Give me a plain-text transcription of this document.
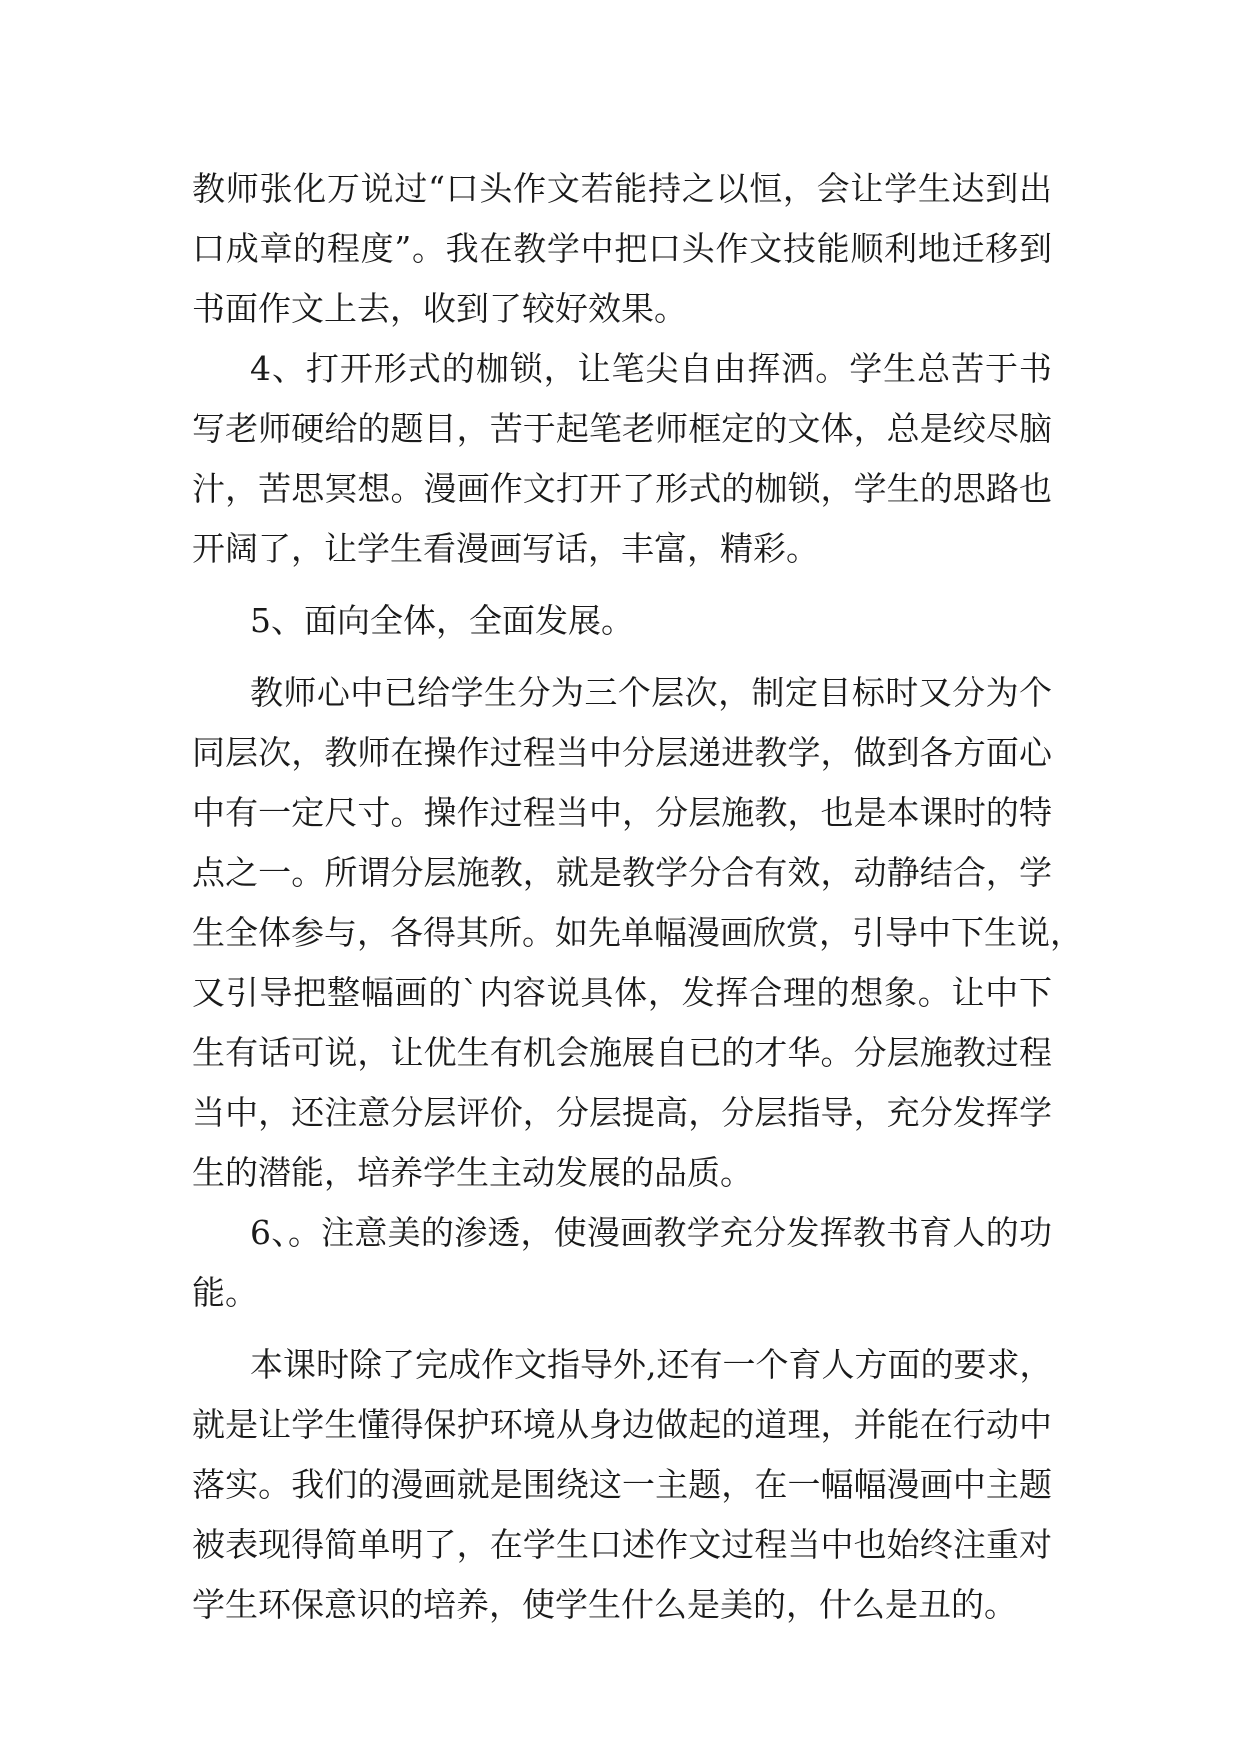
教师张化万说过“口头作文若能持之以恒，会让学生达到出
口成章的程度”。我在教学中把口头作文技能顺利地迁移到
书面作文上去，收到了较好效果。
4、打开形式的枷锁，让笔尖自由挥洒。学生总苦于书
写老师硬给的题目，苦于起笔老师框定的文体，总是绞尽脑
汁，苦思冥想。漫画作文打开了形式的枷锁，学生的思路也
开阔了，让学生看漫画写话，丰富，精彩。
5、面向全体，全面发展。
教师心中已给学生分为三个层次，制定目标时又分为个
同层次，教师在操作过程当中分层递进教学，做到各方面心
中有一定尺寸。操作过程当中，分层施教，也是本课时的特
点之一。所谓分层施教，就是教学分合有效，动静结合，学
生全体参与，各得其所。如先单幅漫画欣赏，引导中下生说，
又引导把整幅画的`内容说具体，发挥合理的想象。让中下
生有话可说，让优生有机会施展自已的才华。分层施教过程
当中，还注意分层评价，分层提高，分层指导，充分发挥学
生的潜能，培养学生主动发展的品质。
6、。注意美的渗透，使漫画教学充分发挥教书育人的功
能。
本课时除了完成作文指导外,还有一个育人方面的要求，
就是让学生懂得保护环境从身边做起的道理，并能在行动中
落实。我们的漫画就是围绕这一主题，在一幅幅漫画中主题
被表现得简单明了，在学生口述作文过程当中也始终注重对
学生环保意识的培养，使学生什么是美的，什么是丑的。
